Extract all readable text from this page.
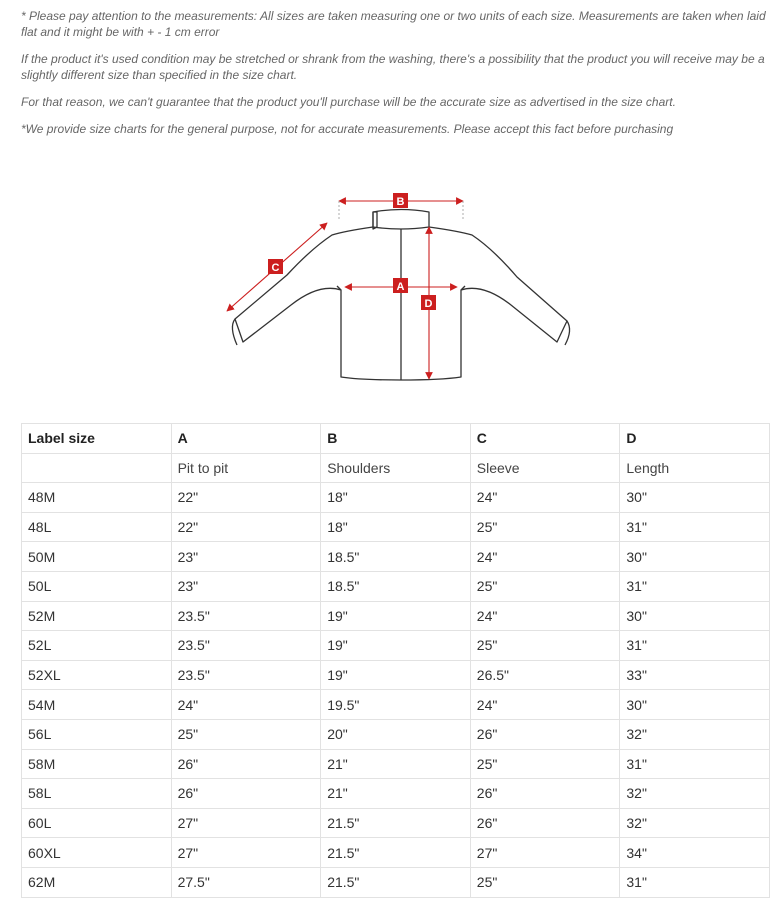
* Please pay attention to the measurements: All sizes are taken measuring one or two units of each size. Measurements are taken when laid flat and it might be with + - 1 cm error

If the product it's used condition may be stretched or shrank from the washing, there's a possibility that the product you will receive may be a slightly different size than specified in the size chart.

For that reason, we can't guarantee that the product you'll purchase will be the accurate size as advertised in the size chart.

*We provide size charts for the general purpose, not for accurate measurements. Please accept this fact before purchasing

B
C
A
D
Label size	A	B	C	D
	Pit to pit	Shoulders	Sleeve	Length
48M	22"	18"	24"	30"
48L	22"	18"	25"	31"
50M	23"	18.5"	24"	30"
50L	23"	18.5"	25"	31"
52M	23.5"	19"	24"	30"
52L	23.5"	19"	25"	31"
52XL	23.5"	19"	26.5"	33"
54M	24"	19.5"	24"	30"
56L	25"	20"	26"	32"
58M	26"	21"	25"	31"
58L	26"	21"	26"	32"
60L	27"	21.5"	26"	32"
60XL	27"	21.5"	27"	34"
62M	27.5"	21.5"	25"	31"
